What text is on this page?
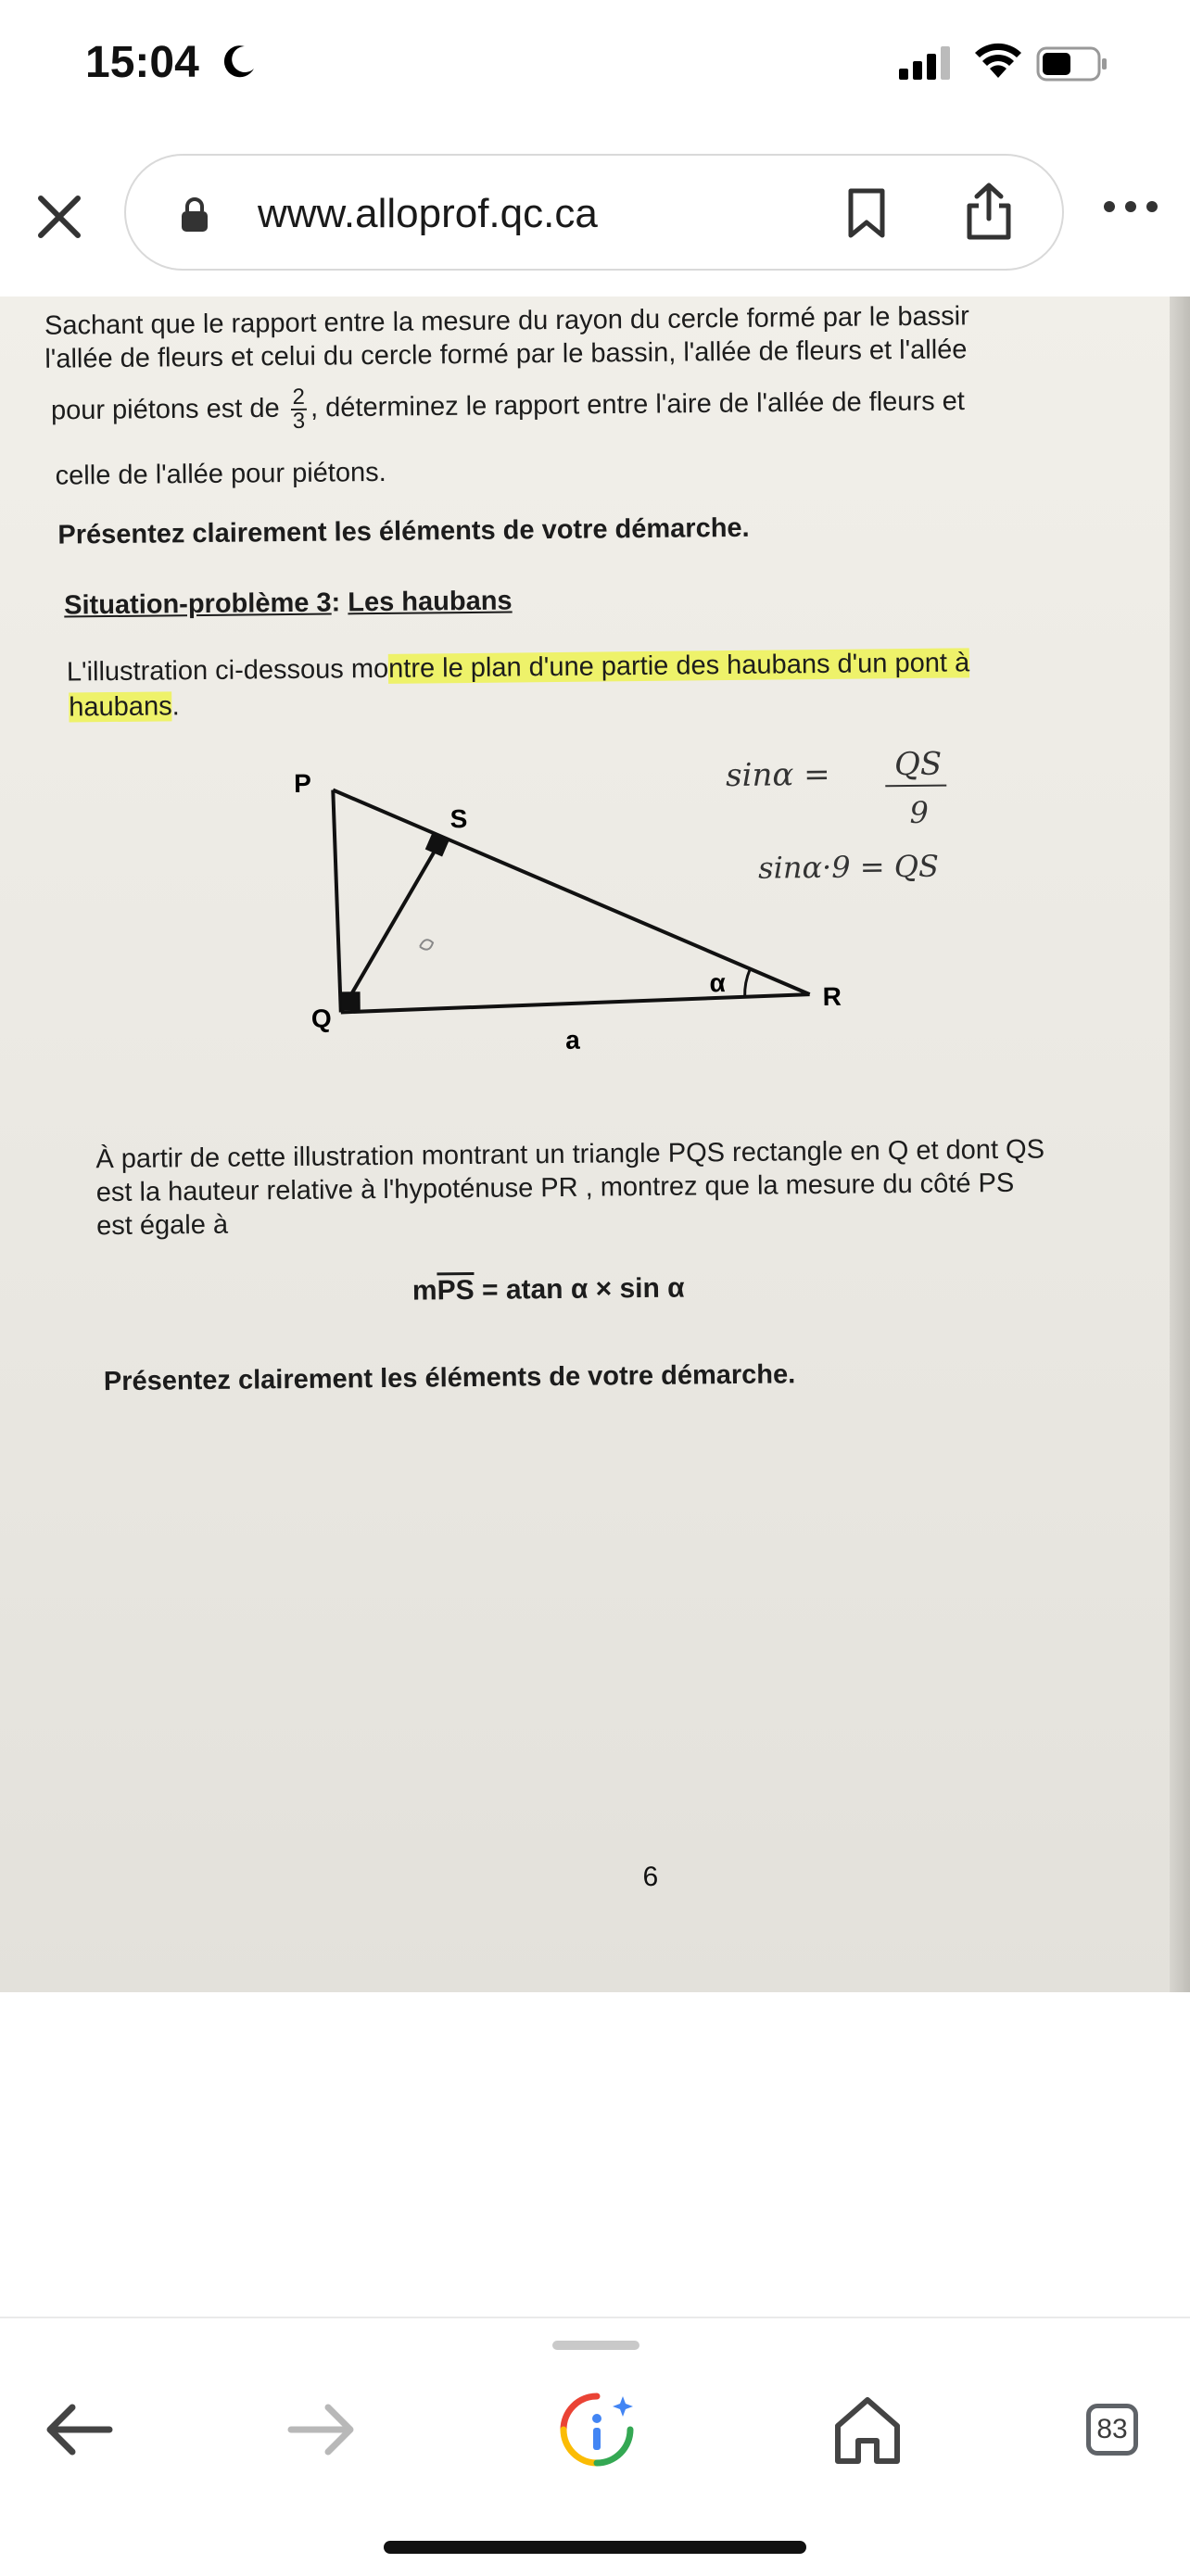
15:04
www.alloprof.qc.ca
Sachant que le rapport entre la mesure du rayon du cercle formé par le bassir
l'allée de fleurs et celui du cercle formé par le bassin, l'allée de fleurs et l'allée
pour piétons est de $\frac{2}{3}$ , déterminez le rapport entre l'aire de l'allée de fleurs et
celle de l'allée pour piétons.
Présentez clairement les éléments de votre démarche.
Situation-problème 3: Les haubans
L'illustration ci-dessous montre le plan d'une partie des haubans d'un pont à
haubans.
P
S
Q
R
α
a
sinα = QS
9
sinα·9 = QS
À partir de cette illustration montrant un triangle PQS rectangle en Q et dont QS
est la hauteur relative à l'hypoténuse PR , montrez que la mesure du côté PS
est égale à
$m\overline{PS} = atan$ α × sin α
Présentez clairement les éléments de votre démarche.
6
83
